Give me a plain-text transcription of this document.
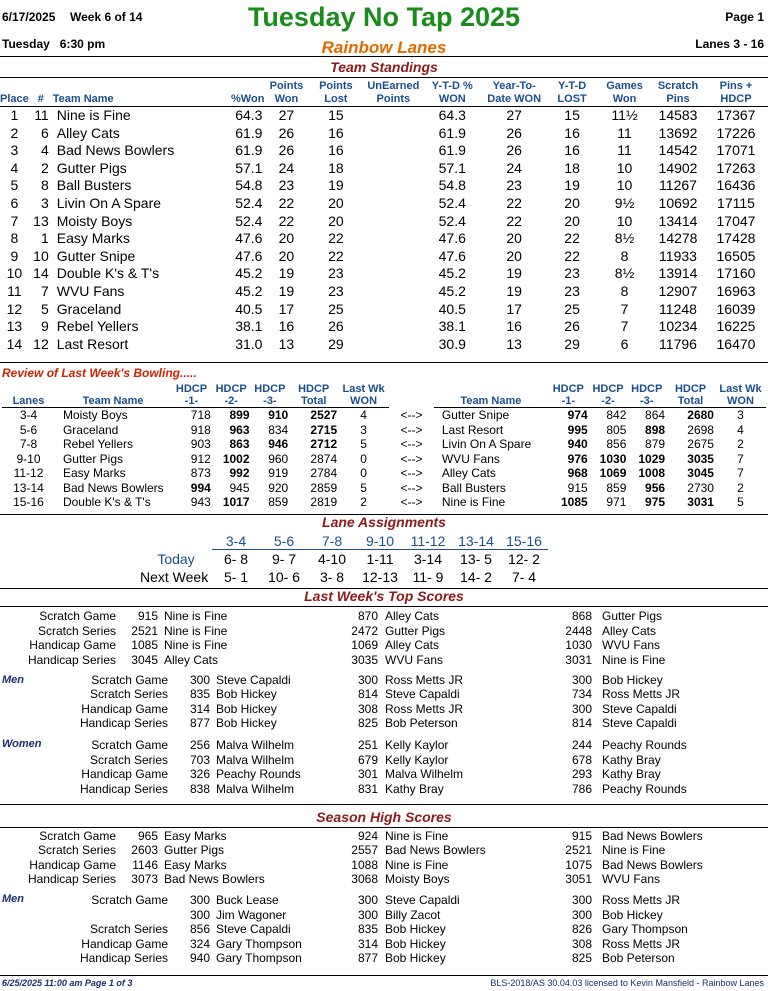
6/17/2025 Week 6 of 14	Tuesday No Tap 2025	Page 1
Tuesday   6:30 pm	Rainbow Lanes	Lanes 3 - 16
Team Standings
Place	#	Team Name	%Won	Points Won	Points Lost	UnEarned Points	Y-T-D % WON	Year-To-Date WON	Y-T-D LOST	Games Won	Scratch Pins	Pins + HDCP
1	11	Nine is Fine	64.3	27	15		64.3	27	15	11½	14583	17367
2	6	Alley Cats	61.9	26	16		61.9	26	16	11	13692	17226
3	4	Bad News Bowlers	61.9	26	16		61.9	26	16	11	14542	17071
4	2	Gutter Pigs	57.1	24	18		57.1	24	18	10	14902	17263
5	8	Ball Busters	54.8	23	19		54.8	23	19	10	11267	16436
6	3	Livin On A Spare	52.4	22	20		52.4	22	20	9½	10692	17115
7	13	Moisty Boys	52.4	22	20		52.4	22	20	10	13414	17047
8	1	Easy Marks	47.6	20	22		47.6	20	22	8½	14278	17428
9	10	Gutter Snipe	47.6	20	22		47.6	20	22	8	11933	16505
10	14	Double K's & T's	45.2	19	23		45.2	19	23	8½	13914	17160
11	7	WVU Fans	45.2	19	23		45.2	19	23	8	12907	16963
12	5	Graceland	40.5	17	25		40.5	17	25	7	11248	16039
13	9	Rebel Yellers	38.1	16	26		38.1	16	26	7	10234	16225
14	12	Last Resort	31.0	13	29		30.9	13	29	6	11796	16470
Review of Last Week's Bowling.....
Lanes	Team Name	HDCP -1-	HDCP -2-	HDCP -3-	HDCP Total	Last Wk WON		Team Name	HDCP -1-	HDCP -2-	HDCP -3-	HDCP Total	Last Wk WON
3-4	Moisty Boys	718	899	910	2527	4	<-->	Gutter Snipe	974	842	864	2680	3
5-6	Graceland	918	963	834	2715	3	<-->	Last Resort	995	805	898	2698	4
7-8	Rebel Yellers	903	863	946	2712	5	<-->	Livin On A Spare	940	856	879	2675	2
9-10	Gutter Pigs	912	1002	960	2874	0	<-->	WVU Fans	976	1030	1029	3035	7
11-12	Easy Marks	873	992	919	2784	0	<-->	Alley Cats	968	1069	1008	3045	7
13-14	Bad News Bowlers	994	945	920	2859	5	<-->	Ball Busters	915	859	956	2730	2
15-16	Double K's & T's	943	1017	859	2819	2	<-->	Nine is Fine	1085	971	975	3031	5
Lane Assignments
	3-4	5-6	7-8	9-10	11-12	13-14	15-16
Today	6- 8	9- 7	4-10	1-11	3-14	13- 5	12- 2
Next Week	5- 1	10- 6	3- 8	12-13	11- 9	14- 2	7- 4
Last Week's Top Scores
Men
Women
Season High Scores
Men
Scratch Game	915 Nine is Fine	870 Alley Cats	868 Gutter Pigs
Scratch Series	2521 Nine is Fine	2472 Gutter Pigs	2448 Alley Cats
Handicap Game	1085 Nine is Fine	1069 Alley Cats	1030 WVU Fans
Handicap Series	3045 Alley Cats	3035 WVU Fans	3031 Nine is Fine
Scratch Game	300 Steve Capaldi	300 Ross Metts JR	300 Bob Hickey
Scratch Series	835 Bob Hickey	814 Steve Capaldi	734 Ross Metts JR
Handicap Game	314 Bob Hickey	308 Ross Metts JR	300 Steve Capaldi
Handicap Series	877 Bob Hickey	825 Bob Peterson	814 Steve Capaldi
Scratch Game	256 Malva Wilhelm	251 Kelly Kaylor	244 Peachy Rounds
Scratch Series	703 Malva Wilhelm	679 Kelly Kaylor	678 Kathy Bray
Handicap Game	326 Peachy Rounds	301 Malva Wilhelm	293 Kathy Bray
Handicap Series	838 Malva Wilhelm	831 Kathy Bray	786 Peachy Rounds
Scratch Game	965 Easy Marks	924 Nine is Fine	915 Bad News Bowlers
Scratch Series	2603 Gutter Pigs	2557 Bad News Bowlers	2521 Nine is Fine
Handicap Game	1146 Easy Marks	1088 Nine is Fine	1075 Bad News Bowlers
Handicap Series	3073 Bad News Bowlers	3068 Moisty Boys	3051 WVU Fans
Scratch Game	300 Buck Lease	300 Steve Capaldi	300 Ross Metts JR
300 Jim Wagoner	300 Billy Zacot	300 Bob Hickey
Scratch Series	856 Steve Capaldi	835 Bob Hickey	826 Gary Thompson
Handicap Game	324 Gary Thompson	314 Bob Hickey	308 Ross Metts JR
Handicap Series	940 Gary Thompson	877 Bob Hickey	825 Bob Peterson
6/25/2025 11:00 am Page 1 of 3	BLS-2018/AS 30.04.03 licensed to Kevin Mansfield - Rainbow Lanes
